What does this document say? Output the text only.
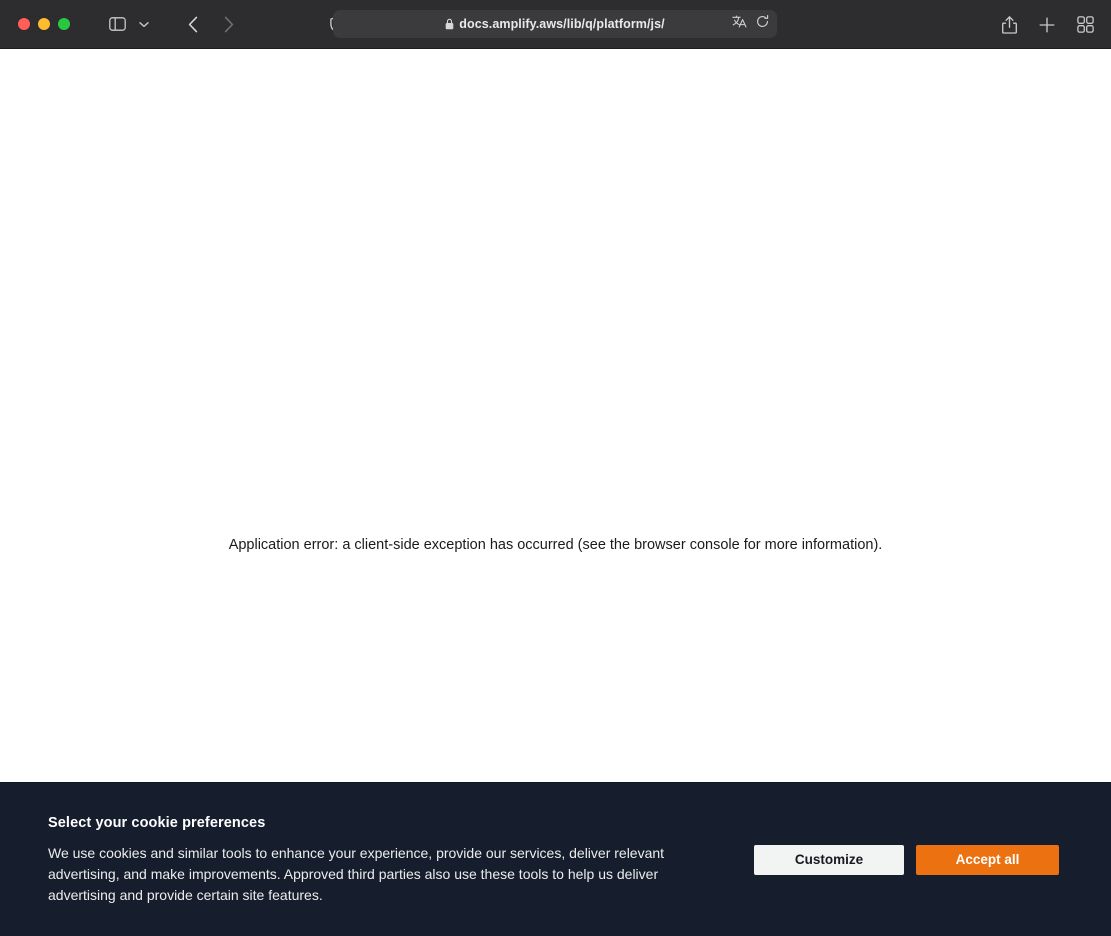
docs.amplify.aws/lib/q/platform/js/
Application error: a client-side exception has occurred (see the browser console for more information).

Select your cookie preferences

We use cookies and similar tools to enhance your experience, provide our services, deliver relevant advertising, and make improvements. Approved third parties also use these tools to help us deliver advertising and provide certain site features.

Customize	Accept all
